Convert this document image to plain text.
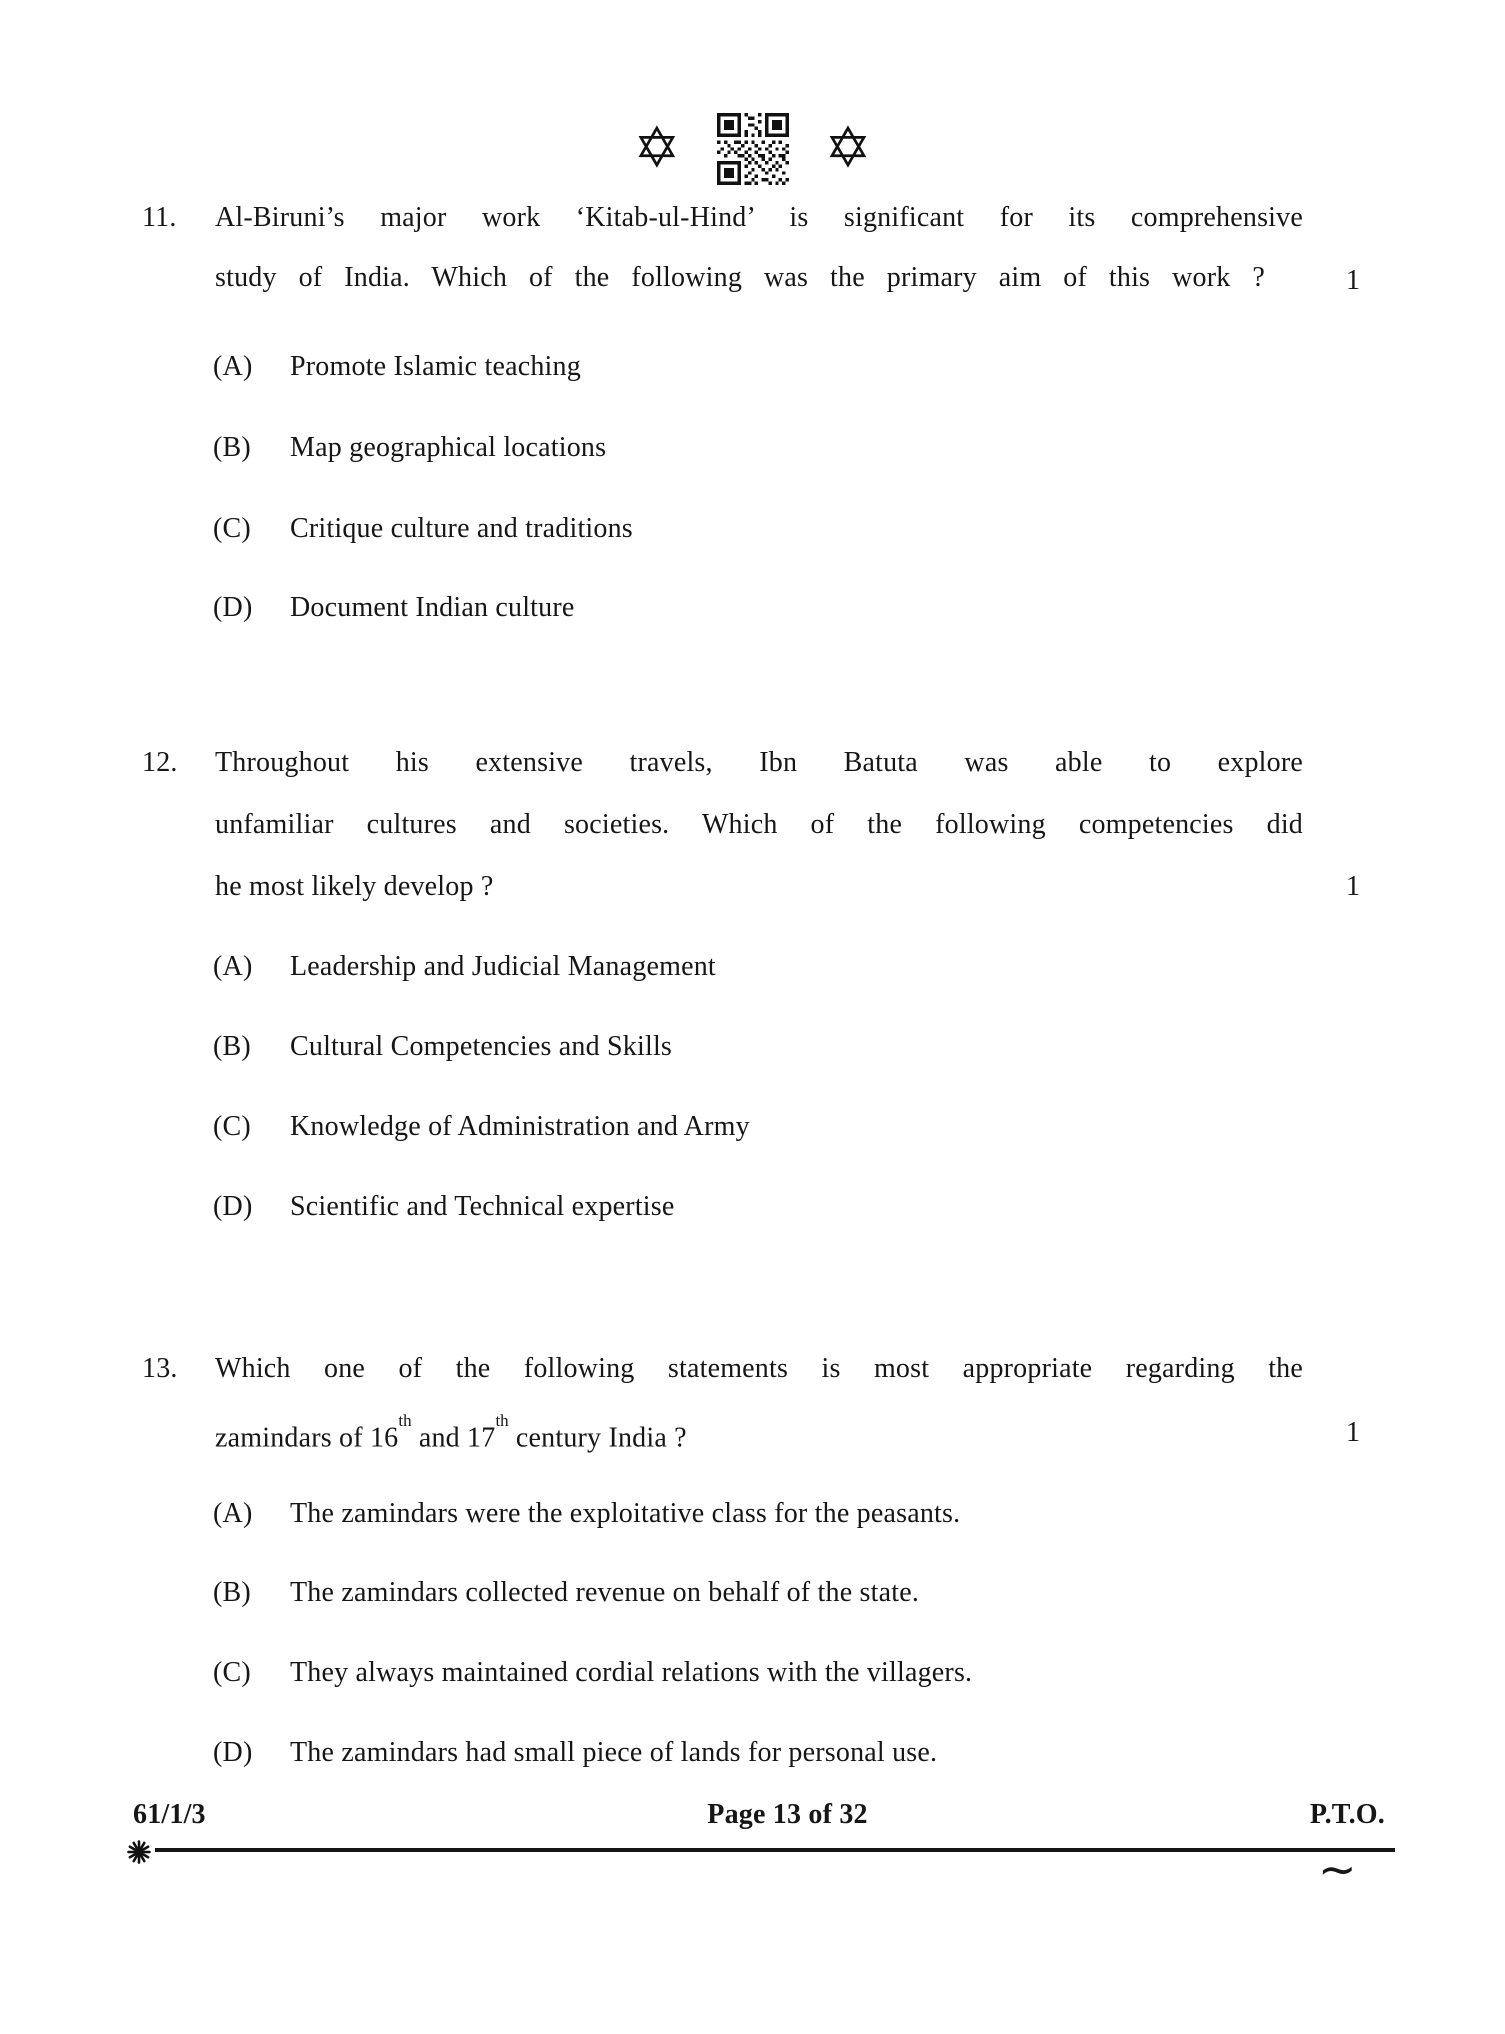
✡	✡
11. Al-Biruni’s major work ‘Kitab-ul-Hind’ is significant for its comprehensive
study of India. Which of the following was the primary aim of this work ?	1
(A) Promote Islamic teaching
(B) Map geographical locations
(C) Critique culture and traditions
(D) Document Indian culture
12. Throughout his extensive travels, Ibn Batuta was able to explore
unfamiliar cultures and societies. Which of the following competencies did
he most likely develop ?	1
(A) Leadership and Judicial Management
(B) Cultural Competencies and Skills
(C) Knowledge of Administration and Army
(D) Scientific and Technical expertise
13. Which one of the following statements is most appropriate regarding the
zamindars of 16th and 17th century India ?	1
(A) The zamindars were the exploitative class for the peasants.
(B) The zamindars collected revenue on behalf of the state.
(C) They always maintained cordial relations with the villagers.
(D) The zamindars had small piece of lands for personal use.
61/1/3	Page 13 of 32	P.T.O.
~
